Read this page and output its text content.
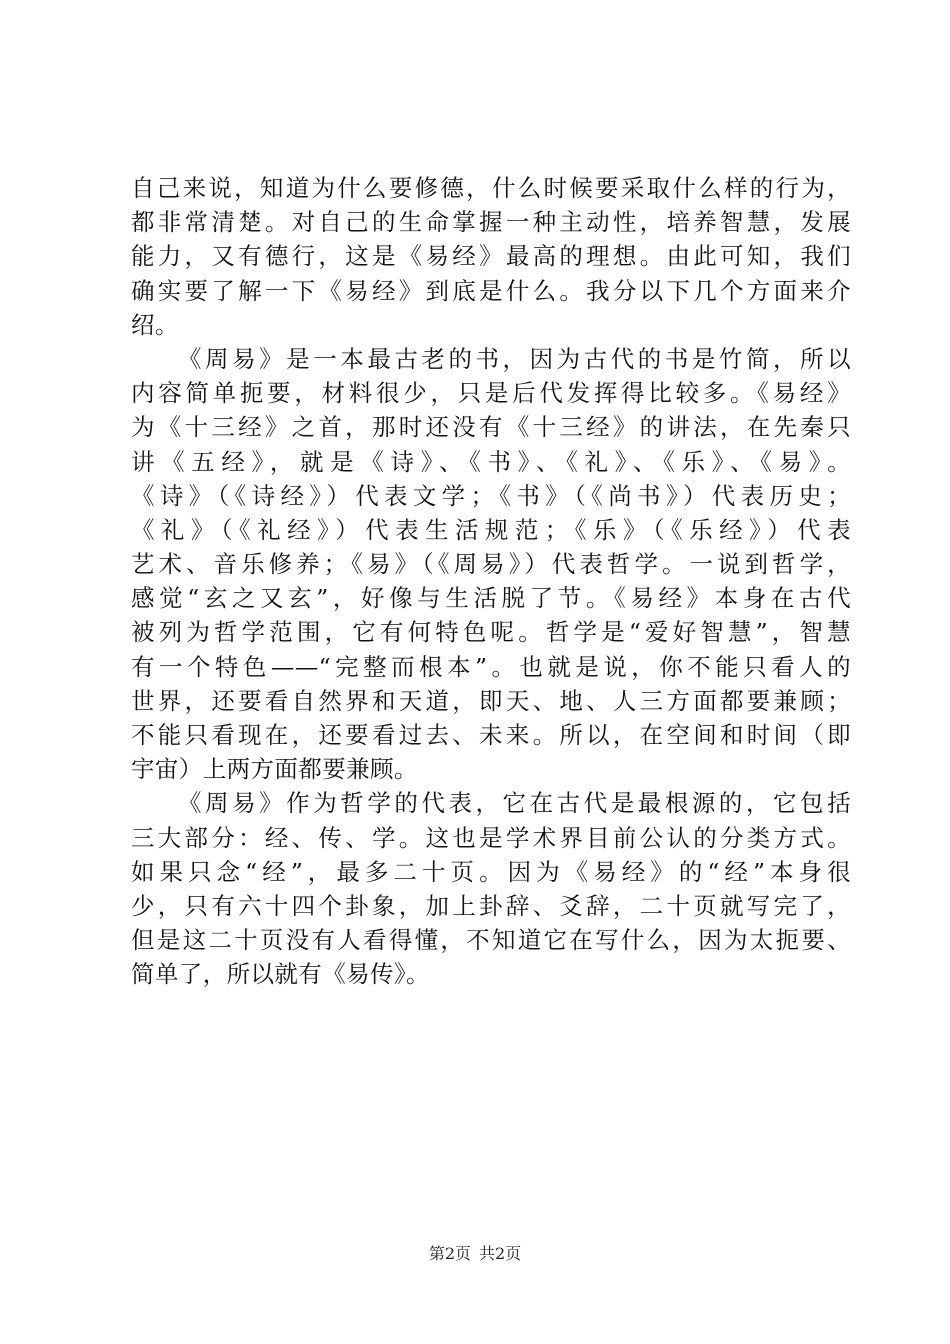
自己来说，知道为什么要修德，什么时候要采取什么样的行为，
都非常清楚。对自己的生命掌握一种主动性，培养智慧，发展
能力，又有德行，这是《易经》最高的理想。由此可知，我们
确实要了解一下《易经》到底是什么。我分以下几个方面来介
绍。
《周易》是一本最古老的书，因为古代的书是竹简，所以
内容简单扼要，材料很少，只是后代发挥得比较多。《易经》
为《十三经》之首，那时还没有《十三经》的讲法，在先秦只
讲《五经》，就是《诗》、《书》、《礼》、《乐》、《易》。
《诗》（《诗经》）代表文学；《书》（《尚书》）代表历史；
《礼》（《礼经》）代表生活规范；《乐》（《乐经》）代表
艺术、音乐修养；《易》（《周易》）代表哲学。一说到哲学，
感觉“玄之又玄”，好像与生活脱了节。《易经》本身在古代
被列为哲学范围，它有何特色呢。哲学是“爱好智慧”，智慧
有一个特色——“完整而根本”。也就是说，你不能只看人的
世界，还要看自然界和天道，即天、地、人三方面都要兼顾；
不能只看现在，还要看过去、未来。所以，在空间和时间（即
宇宙）上两方面都要兼顾。
《周易》作为哲学的代表，它在古代是最根源的，它包括
三大部分：经、传、学。这也是学术界目前公认的分类方式。
如果只念“经”，最多二十页。因为《易经》的“经”本身很
少，只有六十四个卦象，加上卦辞、爻辞，二十页就写完了，
但是这二十页没有人看得懂，不知道它在写什么，因为太扼要、
简单了，所以就有《易传》。
第2页 共2页
